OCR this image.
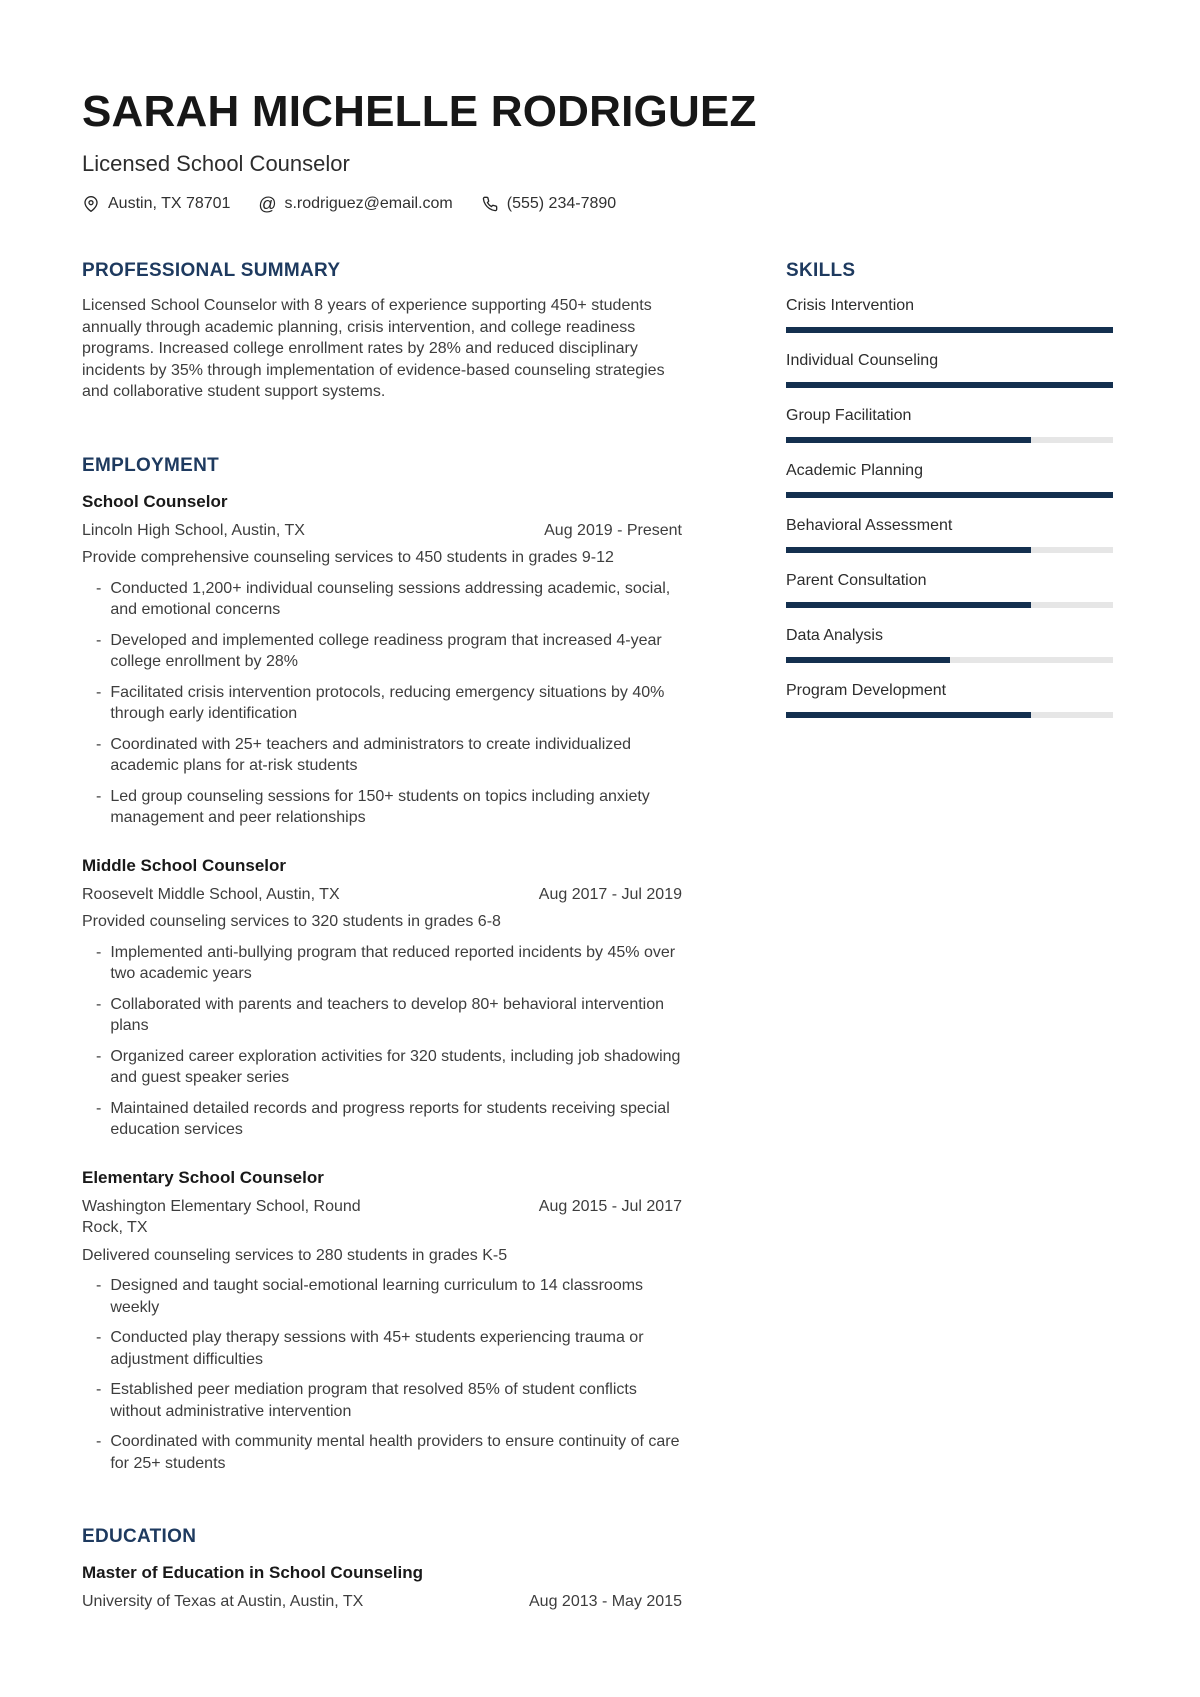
SARAH MICHELLE RODRIGUEZ
Licensed School Counselor
Austin, TX 78701 @ s.rodriguez@email.com	(555) 234-7890
PROFESSIONAL SUMMARY
Licensed School Counselor with 8 years of experience supporting 450+ students annually through academic planning, crisis intervention, and college readiness programs. Increased college enrollment rates by 28% and reduced disciplinary incidents by 35% through implementation of evidence-based counseling strategies and collaborative student support systems.
EMPLOYMENT
School Counselor
Lincoln High School, Austin, TX	Aug 2019 - Present
Provide comprehensive counseling services to 450 students in grades 9-12
- Conducted 1,200+ individual counseling sessions addressing academic, social, and emotional concerns
- Developed and implemented college readiness program that increased 4-year college enrollment by 28%
- Facilitated crisis intervention protocols, reducing emergency situations by 40% through early identification
- Coordinated with 25+ teachers and administrators to create individualized academic plans for at-risk students
- Led group counseling sessions for 150+ students on topics including anxiety management and peer relationships
Middle School Counselor
Roosevelt Middle School, Austin, TX	Aug 2017 - Jul 2019
Provided counseling services to 320 students in grades 6-8
- Implemented anti-bullying program that reduced reported incidents by 45% over two academic years
- Collaborated with parents and teachers to develop 80+ behavioral intervention plans
- Organized career exploration activities for 320 students, including job shadowing and guest speaker series
- Maintained detailed records and progress reports for students receiving special education services
Elementary School Counselor
Washington Elementary School, Round Rock, TX
Aug 2015 - Jul 2017
Delivered counseling services to 280 students in grades K-5
- Designed and taught social-emotional learning curriculum to 14 classrooms weekly
- Conducted play therapy sessions with 45+ students experiencing trauma or adjustment difficulties
- Established peer mediation program that resolved 85% of student conflicts without administrative intervention
- Coordinated with community mental health providers to ensure continuity of care for 25+ students
EDUCATION
Master of Education in School Counseling
University of Texas at Austin, Austin, TX	Aug 2013 - May 2015
SKILLS
Crisis Intervention
Individual Counseling
Group Facilitation
Academic Planning
Behavioral Assessment
Parent Consultation
Data Analysis
Program Development
